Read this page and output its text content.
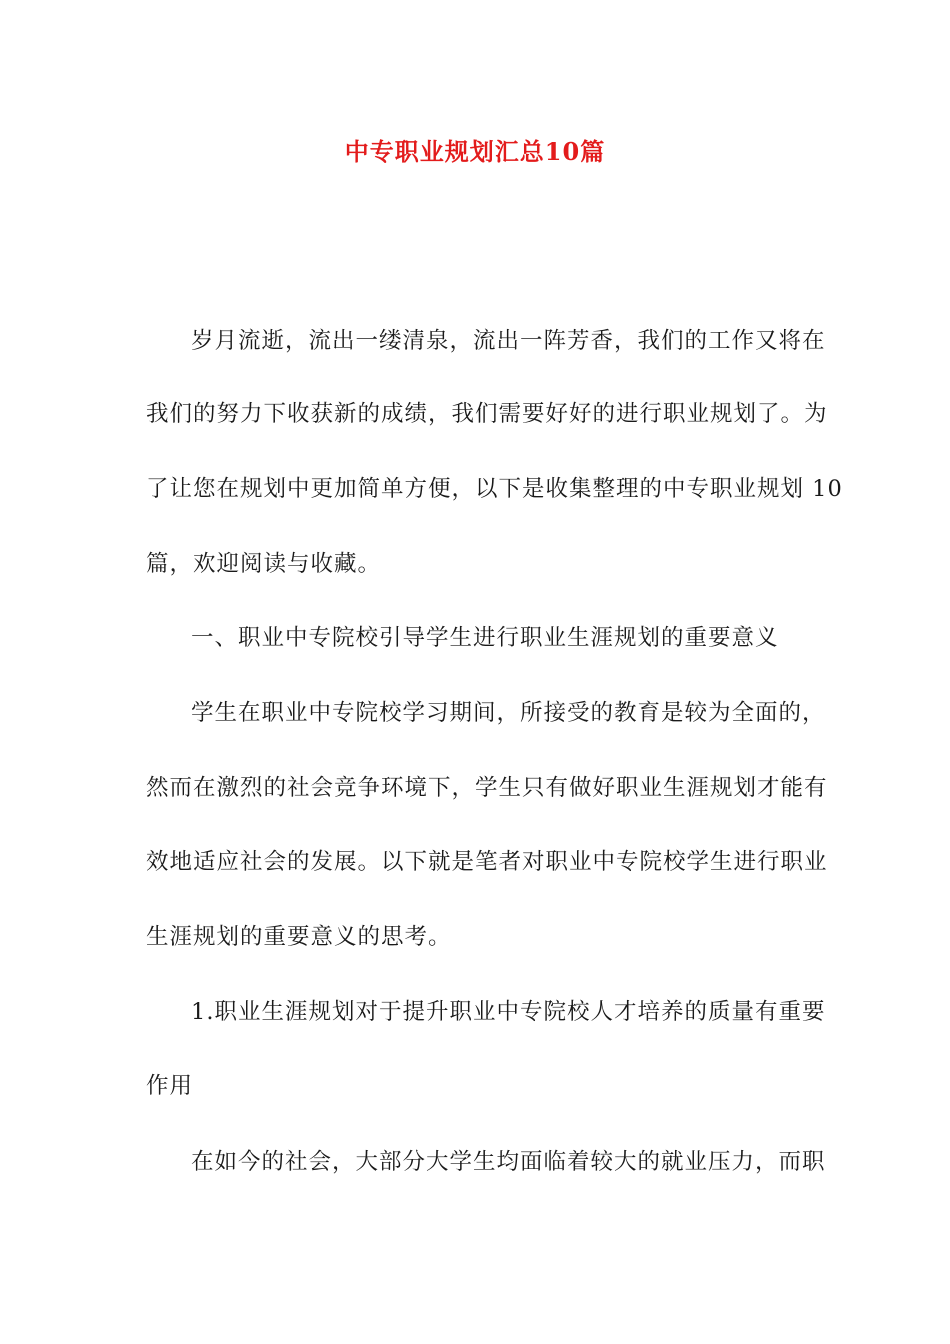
中专职业规划汇总10篇
岁月流逝，流出一缕清泉，流出一阵芳香，我们的工作又将在
我们的努力下收获新的成绩，我们需要好好的进行职业规划了。为
了让您在规划中更加简单方便，以下是收集整理的中专职业规划 10
篇，欢迎阅读与收藏。
一、职业中专院校引导学生进行职业生涯规划的重要意义
学生在职业中专院校学习期间，所接受的教育是较为全面的，
然而在激烈的社会竞争环境下，学生只有做好职业生涯规划才能有
效地适应社会的发展。以下就是笔者对职业中专院校学生进行职业
生涯规划的重要意义的思考。
1.职业生涯规划对于提升职业中专院校人才培养的质量有重要
作用
在如今的社会，大部分大学生均面临着较大的就业压力，而职
